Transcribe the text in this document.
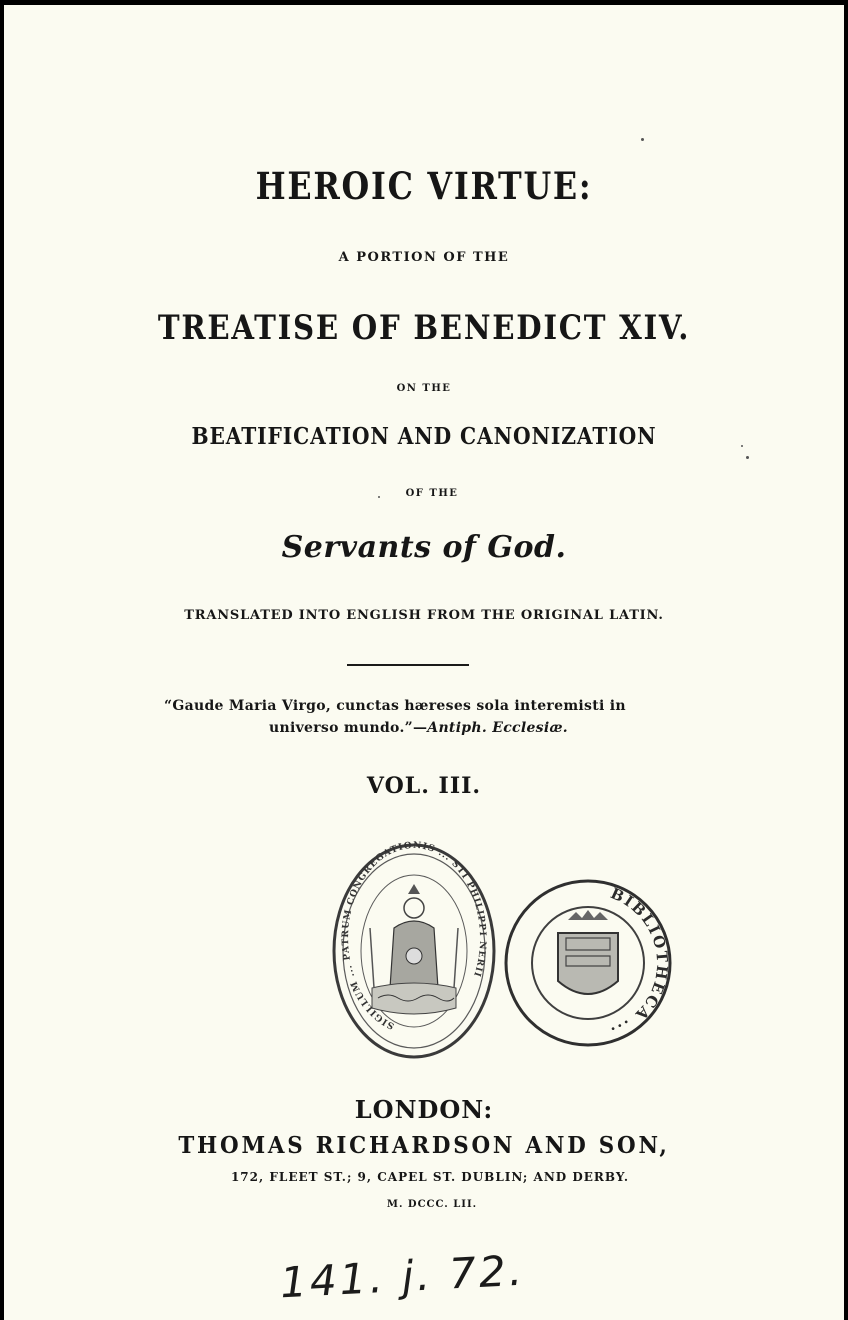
HEROIC VIRTUE:
A PORTION OF THE
TREATISE OF BENEDICT XIV.
ON THE
BEATIFICATION AND CANONIZATION
OF THE
Servants of God.
TRANSLATED INTO ENGLISH FROM THE ORIGINAL LATIN.
“Gaude Maria Virgo, cunctas hæreses sola interemisti in
universo mundo.”—Antiph. Ecclesiæ.
VOL. III.
SIGILLUM ... PATRUM CONGREGATIONIS ... STI PHILIPPI NERII
BIBLIOTHECA ...
LONDON:
THOMAS RICHARDSON AND SON,
172, FLEET ST.; 9, CAPEL ST. DUBLIN; AND DERBY.
M. DCCC. LII.
141. j. 72.
